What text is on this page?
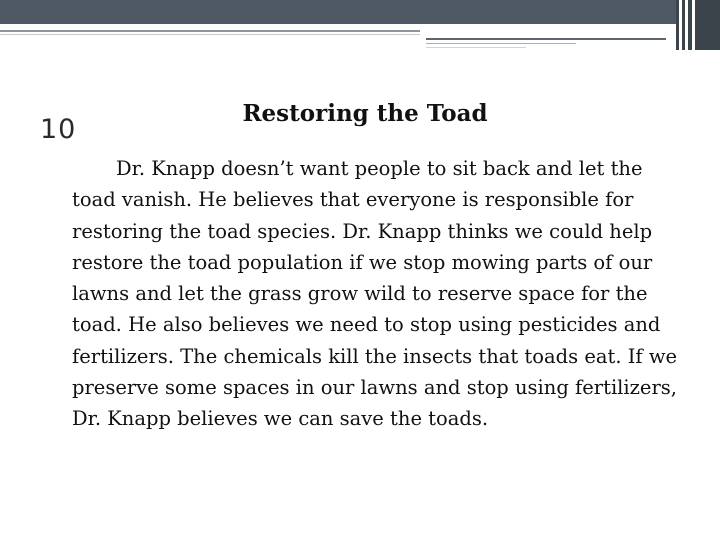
10
Restoring the Toad

Dr. Knapp doesn’t want people to sit back and let the toad vanish. He believes that everyone is responsible for restoring the toad species. Dr. Knapp thinks we could help restore the toad population if we stop mowing parts of our lawns and let the grass grow wild to reserve space for the toad. He also believes we need to stop using pesticides and fertilizers. The chemicals kill the insects that toads eat. If we preserve some spaces in our lawns and stop using fertilizers, Dr. Knapp believes we can save the toads.
